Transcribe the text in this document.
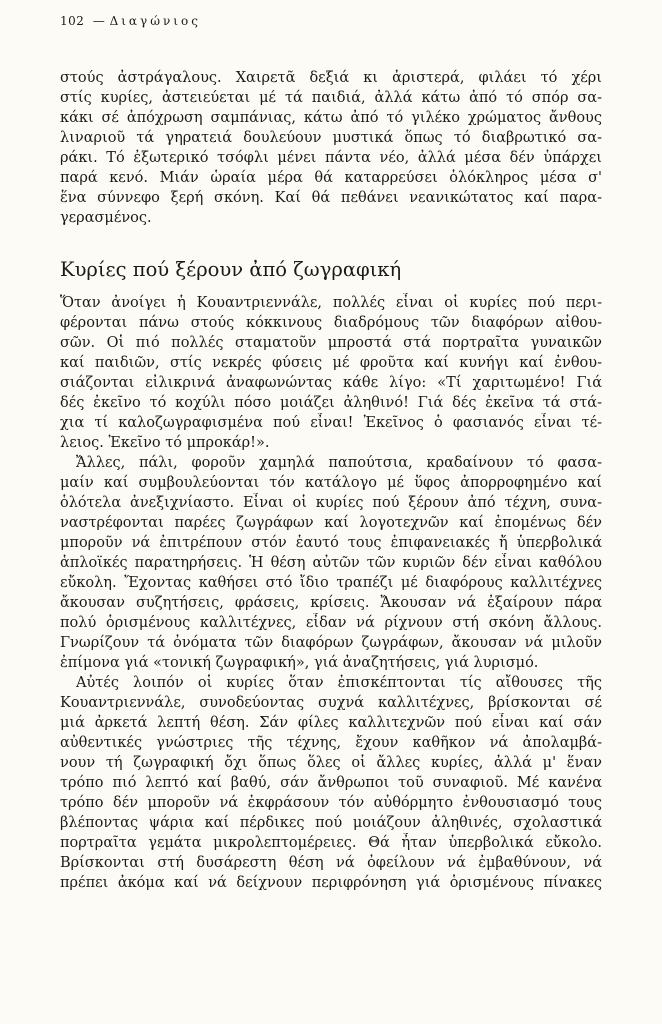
102 — Διαγώνιος
στούς ἀστράγαλους. Χαιρετᾶ δεξιά κι ἀριστερά, φιλάει τό χέρι
στίς κυρίες, ἀστειεύεται μέ τά παιδιά, ἀλλά κάτω ἀπό τό σπόρ σα-
κάκι σέ ἀπόχρωση σαμπάνιας, κάτω ἀπό τό γιλέκο χρώματος ἄνθους
λιναριοῦ τά γηρατειά δουλεύουν μυστικά ὅπως τό διαβρωτικό σα-
ράκι. Τό ἐξωτερικό τσόφλι μένει πάντα νέο, ἀλλά μέσα δέν ὑπάρχει
παρά κενό. Μιάν ὡραία μέρα θά καταρρεύσει ὁλόκληρος μέσα σ'
ἕνα σύννεφο ξερή σκόνη. Καί θά πεθάνει νεανικώτατος καί παρα-
γερασμένος.
Κυρίες πού ξέρουν ἀπό ζωγραφική
Ὅταν ἀνοίγει ἡ Κουαντριεννάλε, πολλές εἶναι οἱ κυρίες πού περι-
φέρονται πάνω στούς κόκκινους διαδρόμους τῶν διαφόρων αἰθου-
σῶν. Οἱ πιό πολλές σταματοῦν μπροστά στά πορτραῖτα γυναικῶν
καί παιδιῶν, στίς νεκρές φύσεις μέ φροῦτα καί κυνήγι καί ἐνθου-
σιάζονται εἰλικρινά ἀναφωνώντας κάθε λίγο: «Τί χαριτωμένο! Γιά
δές ἐκεῖνο τό κοχύλι πόσο μοιάζει ἀληθινό! Γιά δές ἐκεῖνα τά στά-
χια τί καλοζωγραφισμένα πού εἶναι! Ἐκεῖνος ὁ φασιανός εἶναι τέ-
λειος. Ἐκεῖνο τό μπροκάρ!».
Ἄλλες, πάλι, φοροῦν χαμηλά παπούτσια, κραδαίνουν τό φασα-
μαίν καί συμβουλεύονται τόν κατάλογο μέ ὕφος ἀπορροφημένο καί
ὁλότελα ἀνεξιχνίαστο. Εἶναι οἱ κυρίες πού ξέρουν ἀπό τέχνη, συνα-
ναστρέφονται παρέες ζωγράφων καί λογοτεχνῶν καί ἑπομένως δέν
μποροῦν νά ἐπιτρέπουν στόν ἑαυτό τους ἐπιφανειακές ἤ ὑπερβολικά
ἁπλοϊκές παρατηρήσεις. Ἡ θέση αὐτῶν τῶν κυριῶν δέν εἶναι καθόλου
εὔκολη. Ἔχοντας καθήσει στό ἴδιο τραπέζι μέ διαφόρους καλλιτέχνες
ἄκουσαν συζητήσεις, φράσεις, κρίσεις. Ἄκουσαν νά ἐξαίρουν πάρα
πολύ ὁρισμένους καλλιτέχνες, εἶδαν νά ρίχνουν στή σκόνη ἄλλους.
Γνωρίζουν τά ὀνόματα τῶν διαφόρων ζωγράφων, ἄκουσαν νά μιλοῦν
ἐπίμονα γιά «τονική ζωγραφική», γιά ἀναζητήσεις, γιά λυρισμό.
Αὐτές λοιπόν οἱ κυρίες ὅταν ἐπισκέπτονται τίς αἴθουσες τῆς
Κουαντριεννάλε, συνοδεύοντας συχνά καλλιτέχνες, βρίσκονται σέ
μιά ἀρκετά λεπτή θέση. Σάν φίλες καλλιτεχνῶν πού εἶναι καί σάν
αὐθεντικές γνώστριες τῆς τέχνης, ἔχουν καθῆκον νά ἀπολαμβά-
νουν τή ζωγραφική ὄχι ὅπως ὅλες οἱ ἄλλες κυρίες, ἀλλά μ' ἕναν
τρόπο πιό λεπτό καί βαθύ, σάν ἄνθρωποι τοῦ συναφιοῦ. Μέ κανένα
τρόπο δέν μποροῦν νά ἐκφράσουν τόν αὐθόρμητο ἐνθουσιασμό τους
βλέποντας ψάρια καί πέρδικες πού μοιάζουν ἀληθινές, σχολαστικά
πορτραῖτα γεμάτα μικρολεπτομέρειες. Θά ἦταν ὑπερβολικά εὔκολο.
Βρίσκονται στή δυσάρεστη θέση νά ὀφείλουν νά ἐμβαθύνουν, νά
πρέπει ἀκόμα καί νά δείχνουν περιφρόνηση γιά ὁρισμένους πίνακες
